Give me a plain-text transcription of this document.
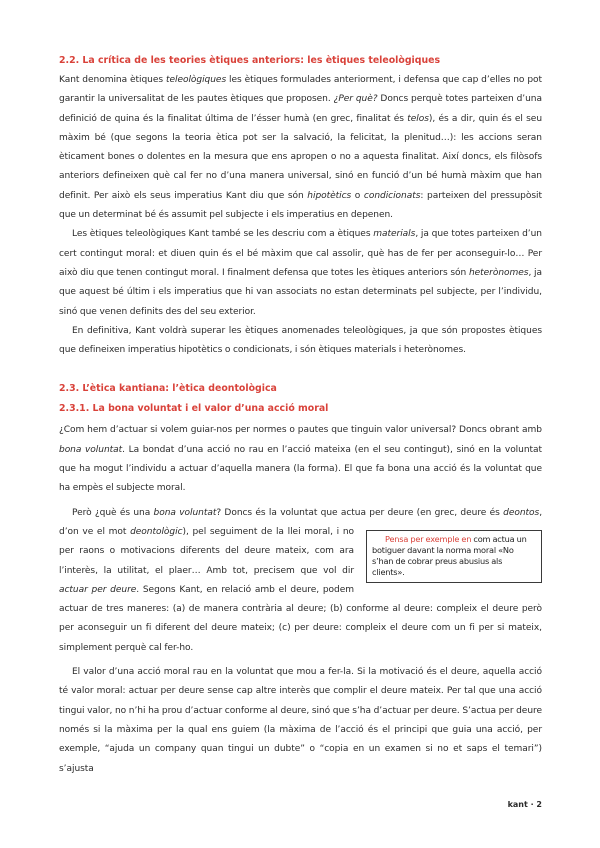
2.2. La crítica de les teories ètiques anteriors: les ètiques teleològiques

Kant denomina ètiques teleològiques les ètiques formulades anteriorment, i defensa que cap d’elles no pot garantir la universalitat de les pautes ètiques que proposen. ¿Per què? Doncs perquè totes parteixen d’una definició de quina és la finalitat última de l’ésser humà (en grec, finalitat és telos), és a dir, quin és el seu màxim bé (que segons la teoria ètica pot ser la salvació, la felicitat, la plenitud…): les accions seran èticament bones o dolentes en la mesura que ens apropen o no a aquesta finalitat. Així doncs, els filòsofs anteriors defineixen què cal fer no d’una manera universal, sinó en funció d’un bé humà màxim que han definit. Per això els seus imperatius Kant diu que són hipotètics o condicionats: parteixen del pressupòsit que un determinat bé és assumit pel subjecte i els imperatius en depenen.

Les ètiques teleològiques Kant també se les descriu com a ètiques materials, ja que totes parteixen d’un cert contingut moral: et diuen quin és el bé màxim que cal assolir, què has de fer per aconseguir-lo… Per això diu que tenen contingut moral. I finalment defensa que totes les ètiques anteriors són heterònomes, ja que aquest bé últim i els imperatius que hi van associats no estan determinats pel subjecte, per l’individu, sinó que venen definits des del seu exterior.

En definitiva, Kant voldrà superar les ètiques anomenades teleològiques, ja que són propostes ètiques que defineixen imperatius hipotètics o condicionats, i són ètiques materials i heterònomes.

2.3. L’ètica kantiana: l’ètica deontològica
2.3.1. La bona voluntat i el valor d’una acció moral

¿Com hem d’actuar si volem guiar-nos per normes o pautes que tinguin valor universal? Doncs obrant amb bona voluntat. La bondat d’una acció no rau en l’acció mateixa (en el seu contingut), sinó en la voluntat que ha mogut l’individu a actuar d’aquella manera (la forma). El que fa bona una acció és la voluntat que ha empès el subjecte moral.

Però ¿què és una bona voluntat? Doncs és la voluntat que actua per deure (en grec, deure és deontos, d’on ve el mot
Pensa per exemple en com actua un botiguer davant la norma moral «No s’han de cobrar preus abusius als clients».
deontològic), pel seguiment de la llei moral, i no per raons o motivacions diferents del deure mateix, com ara l’interès, la utilitat, el plaer… Amb tot, precisem que vol dir actuar per deure. Segons Kant, en relació amb el deure, podem actuar de tres maneres: (a) de manera contrària al deure; (b) conforme al deure: compleix el deure però per aconseguir un fi diferent del deure mateix; (c) per deure: compleix el deure com un fi per si mateix, simplement perquè cal fer-ho.

El valor d’una acció moral rau en la voluntat que mou a fer-la. Si la motivació és el deure, aquella acció té valor moral: actuar per deure sense cap altre interès que complir el deure mateix. Per tal que una acció tingui valor, no n’hi ha prou d’actuar conforme al deure, sinó que s’ha d’actuar per deure. S’actua per deure només si la màxima per la qual ens guiem (la màxima de l’acció és el principi que guia una acció, per exemple, “ajuda un company quan tingui un dubte” o “copia en un examen si no et saps el temari”) s’ajusta

kant · 2
